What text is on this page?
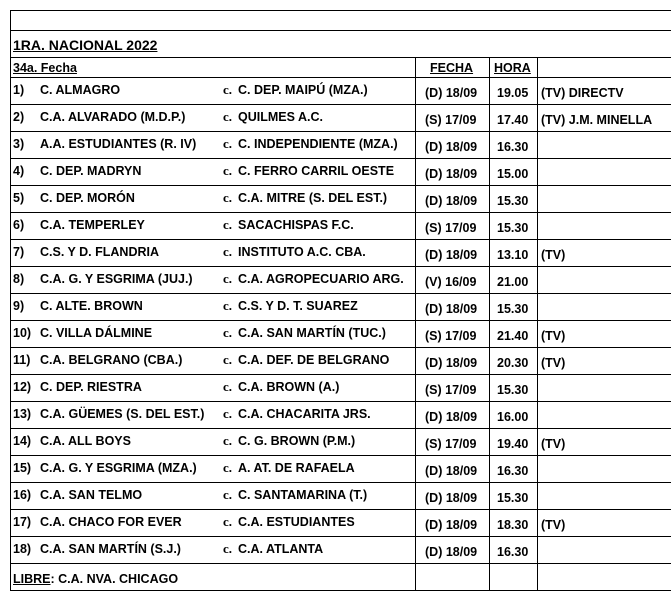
1RA. NACIONAL 2022
34a. Fecha	FECHA HORA
c.
1) C. ALMAGRO	C. DEP. MAIPÚ (MZA.)	(D) 18/09 19.05 (TV) DIRECTV
c.
2) C.A. ALVARADO (M.D.P.)	QUILMES A.C.	(S) 17/09 17.40 (TV) J.M. MINELLA
c.
3) A.A. ESTUDIANTES (R. IV)	C. INDEPENDIENTE (MZA.) (D) 18/09 16.30
c.
4) C. DEP. MADRYN	C. FERRO CARRIL OESTE (D) 18/09 15.00
c.
5) C. DEP. MORÓN	C.A. MITRE (S. DEL EST.)	(D) 18/09 15.30
c.
6) C.A. TEMPERLEY	SACACHISPAS F.C.	(S) 17/09 15.30
c.
7) C.S. Y D. FLANDRIA	INSTITUTO A.C. CBA.	(D) 18/09 13.10 (TV)
c.
8) C.A. G. Y ESGRIMA (JUJ.)	C.A. AGROPECUARIO ARG. (V) 16/09 21.00
c.
9) C. ALTE. BROWN	C.S. Y D. T. SUAREZ	(D) 18/09 15.30
c.
10) C. VILLA DÁLMINE	C.A. SAN MARTÍN (TUC.)	(S) 17/09 21.40 (TV)
c.
11) C.A. BELGRANO (CBA.)	C.A. DEF. DE BELGRANO	(D) 18/09 20.30 (TV)
c.
12) C. DEP. RIESTRA	C.A. BROWN (A.)	(S) 17/09 15.30
c.
13) C.A. GÜEMES (S. DEL EST.)	C.A. CHACARITA JRS.	(D) 18/09 16.00
c.
14) C.A. ALL BOYS	C. G. BROWN (P.M.)	(S) 17/09 19.40 (TV)
c.
15) C.A. G. Y ESGRIMA (MZA.)	A. AT. DE RAFAELA	(D) 18/09 16.30
c.
16) C.A. SAN TELMO	C. SANTAMARINA (T.)	(D) 18/09 15.30
c.
17) C.A. CHACO FOR EVER	C.A. ESTUDIANTES	(D) 18/09 18.30 (TV)
c.
18) C.A. SAN MARTÍN (S.J.)	C.A. ATLANTA	(D) 18/09 16.30
LIBRE: C.A. NVA. CHICAGO
